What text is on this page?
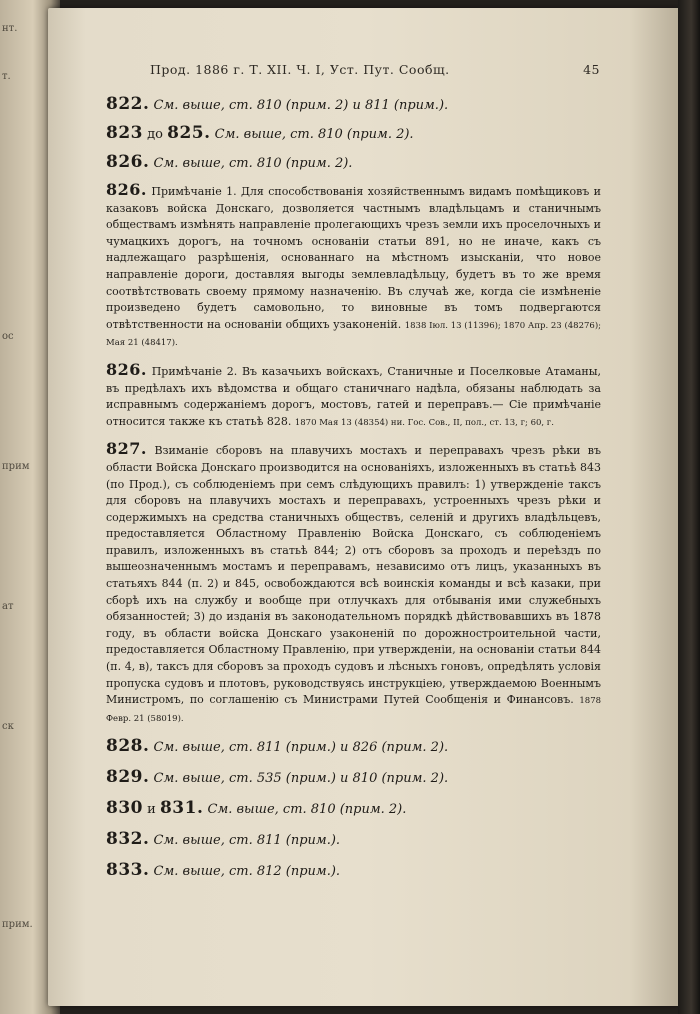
нт.
т.
ос
прим
ат
ск
прим.
Прод. 1886 г. Т. XII. Ч. I, Уст. Пут. Сообщ.	45
822. См. выше, ст. 810 (прим. 2) и 811 (прим.).
823 до 825. См. выше, ст. 810 (прим. 2).
826. См. выше, ст. 810 (прим. 2).
826. Примѣчаніе 1. Для способствованія хозяйственнымъ видамъ помѣщиковъ и казаковъ войска Донскаго, дозволяется частнымъ владѣльцамъ и станичнымъ обществамъ измѣнять направленіе пролегающихъ чрезъ земли ихъ проселочныхъ и чумацкихъ дорогъ, на точномъ основаніи статьи 891, но не иначе, какъ съ надлежащаго разрѣшенія, основаннаго на мѣстномъ изысканіи, что новое направленіе дороги, доставляя выгоды землевладѣльцу, будетъ въ то же время соотвѣтствовать своему прямому назначенію. Въ случаѣ же, когда сіе измѣненіе произведено будетъ самовольно, то виновные въ томъ подвергаются отвѣтственности на основаніи общихъ узаконеній. 1838 Іюл. 13 (11396); 1870 Апр. 23 (48276); Мая 21 (48417).
826. Примѣчаніе 2. Въ казачьихъ войскахъ, Станичные и Поселковые Атаманы, въ предѣлахъ ихъ вѣдомства и общаго станичнаго надѣла, обязаны наблюдать за исправнымъ содержаніемъ дорогъ, мостовъ, гатей и переправъ.— Сіе примѣчаніе относится также къ статьѣ 828. 1870 Мая 13 (48354) ни. Гос. Сов., II, пол., ст. 13, г; 60, г.
827. Взиманіе сборовъ на плавучихъ мостахъ и переправахъ чрезъ рѣки въ области Войска Донскаго производится на основаніяхъ, изложенныхъ въ статьѣ 843 (по Прод.), съ соблюденіемъ при семъ слѣдующихъ правилъ: 1) утвержденіе таксъ для сборовъ на плавучихъ мостахъ и переправахъ, устроенныхъ чрезъ рѣки и содержимыхъ на средства станичныхъ обществъ, селеній и другихъ владѣльцевъ, предоставляется Областному Правленію Войска Донскаго, съ соблюденіемъ правилъ, изложенныхъ въ статьѣ 844; 2) отъ сборовъ за проходъ и переѣздъ по вышеозначеннымъ мостамъ и переправамъ, независимо отъ лицъ, указанныхъ въ статьяхъ 844 (п. 2) и 845, освобождаются всѣ воинскія команды и всѣ казаки, при сборѣ ихъ на службу и вообще при отлучкахъ для отбыванія ими служебныхъ обязанностей; 3) до изданія въ законодательномъ порядкѣ дѣйствовавшихъ въ 1878 году, въ области войска Донскаго узаконеній по дорожностроительной части, предоставляется Областному Правленію, при утвержденіи, на основаніи статьи 844 (п. 4, в), таксъ для сборовъ за проходъ судовъ и лѣсныхъ гоновъ, опредѣлять условія пропуска судовъ и плотовъ, руководствуясь инструкціею, утверждаемою Военнымъ Министромъ, по соглашенію съ Министрами Путей Сообщенія и Финансовъ. 1878 Февр. 21 (58019).
828. См. выше, ст. 811 (прим.) и 826 (прим. 2).
829. См. выше, ст. 535 (прим.) и 810 (прим. 2).
830 и 831. См. выше, ст. 810 (прим. 2).
832. См. выше, ст. 811 (прим.).
833. См. выше, ст. 812 (прим.).
